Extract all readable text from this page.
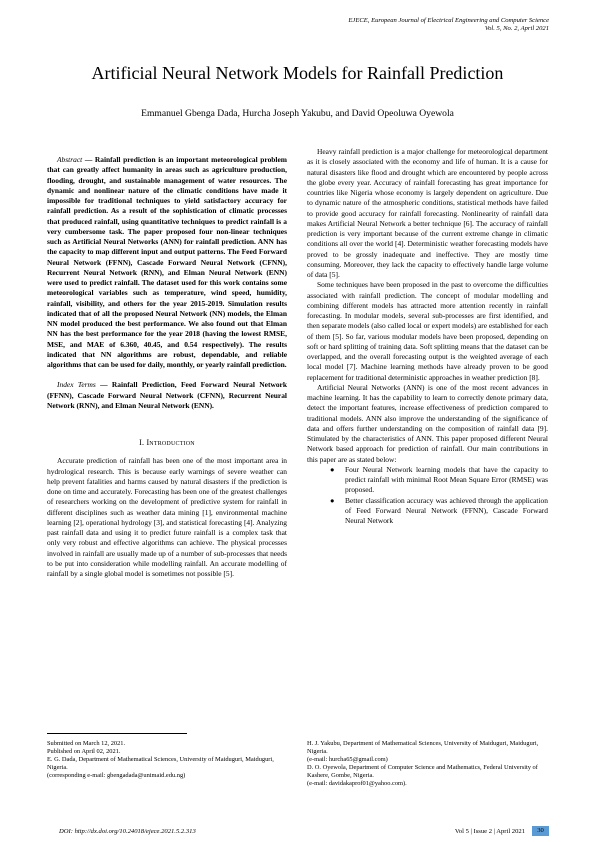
EJECE, European Journal of Electrical Engineering and Computer Science
Vol. 5, No. 2, April 2021
Artificial Neural Network Models for Rainfall Prediction
Emmanuel Gbenga Dada, Hurcha Joseph Yakubu, and David Opeoluwa Oyewola

Abstract — Rainfall prediction is an important meteorological problem that can greatly affect humanity in areas such as agriculture production, flooding, drought, and sustainable management of water resources. The dynamic and nonlinear nature of the climatic conditions have made it impossible for traditional techniques to yield satisfactory accuracy for rainfall prediction. As a result of the sophistication of climatic processes that produced rainfall, using quantitative techniques to predict rainfall is a very cumbersome task. The paper proposed four non-linear techniques such as Artificial Neural Networks (ANN) for rainfall prediction. ANN has the capacity to map different input and output patterns. The Feed Forward Neural Network (FFNN), Cascade Forward Neural Network (CFNN), Recurrent Neural Network (RNN), and Elman Neural Network (ENN) were used to predict rainfall. The dataset used for this work contains some meteorological variables such as temperature, wind speed, humidity, rainfall, visibility, and others for the year 2015-2019. Simulation results indicated that of all the proposed Neural Network (NN) models, the Elman NN model produced the best performance. We also found out that Elman NN has the best performance for the year 2018 (having the lowest RMSE, MSE, and MAE of 6.360, 40.45, and 0.54 respectively). The results indicated that NN algorithms are robust, dependable, and reliable algorithms that can be used for daily, monthly, or yearly rainfall prediction.

Index Terms — Rainfall Prediction, Feed Forward Neural Network (FFNN), Cascade Forward Neural Network (CFNN), Recurrent Neural Network (RNN), and Elman Neural Network (ENN).

I. Introduction

Accurate prediction of rainfall has been one of the most important area in hydrological research. This is because early warnings of severe weather can help prevent fatalities and harms caused by natural disasters if the prediction is done on time and accurately. Forecasting has been one of the greatest challenges of researchers working on the development of predictive system for rainfall in different disciplines such as weather data mining [1], environmental machine learning [2], operational hydrology [3], and statistical forecasting [4]. Analyzing past rainfall data and using it to predict future rainfall is a complex task that only very robust and effective algorithms can achieve. The physical processes involved in rainfall are usually made up of a number of sub-processes that needs to be put into consideration while modelling rainfall. An accurate modelling of rainfall by a single global model is sometimes not possible [5].

Heavy rainfall prediction is a major challenge for meteorological department as it is closely associated with the economy and life of human. It is a cause for natural disasters like flood and drought which are encountered by people across the globe every year. Accuracy of rainfall forecasting has great importance for countries like Nigeria whose economy is largely dependent on agriculture. Due to dynamic nature of the atmospheric conditions, statistical methods have failed to provide good accuracy for rainfall forecasting. Nonlinearity of rainfall data makes Artificial Neural Network a better technique [6]. The accuracy of rainfall prediction is very important because of the current extreme change in climatic conditions all over the world [4]. Deterministic weather forecasting models have proved to be grossly inadequate and ineffective. They are mostly time consuming. Moreover, they lack the capacity to effectively handle large volume of data [5].

Some techniques have been proposed in the past to overcome the difficulties associated with rainfall prediction. The concept of modular modelling and combining different models has attracted more attention recently in rainfall forecasting. In modular models, several sub-processes are first identified, and then separate models (also called local or expert models) are established for each of them [5]. So far, various modular models have been proposed, depending on soft or hard splitting of training data. Soft splitting means that the dataset can be overlapped, and the overall forecasting output is the weighted average of each local model [7]. Machine learning methods have already proven to be good replacement for traditional deterministic approaches in weather prediction [8].

Artificial Neural Networks (ANN) is one of the most recent advances in machine learning. It has the capability to learn to correctly denote primary data, detect the important features, increase effectiveness of prediction compared to traditional models. ANN also improve the understanding of the significance of data and offers further understanding on the composition of rainfall data [9]. Stimulated by the characteristics of ANN. This paper proposed different Neural Network based approach for prediction of rainfall. Our main contributions in this paper are as stated below:

● Four Neural Network learning models that have the capacity to predict rainfall with minimal Root Mean Square Error (RMSE) was proposed.
● Better classification accuracy was achieved through the application of Feed Forward Neural Network (FFNN), Cascade Forward Neural Network
Submitted on March 12, 2021.
Published on April 02, 2021.
E. G. Dada, Department of Mathematical Sciences, University of Maiduguri, Maiduguri, Nigeria.
(corresponding e-mail: gbengadada@unimaid.edu.ng)
H. J. Yakubu, Department of Mathematical Sciences, University of Maiduguri, Maiduguri, Nigeria.
(e-mail: hurcha65@gmail.com)
D. O. Oyewola, Department of Computer Science and Mathematics, Federal University of Kashere, Gombe, Nigeria.
(e-mail: davidakaprof01@yahoo.com).
DOI: http://dx.doi.org/10.24018/ejece.2021.5.2.313	Vol 5 | Issue 2 | April 2021	30
